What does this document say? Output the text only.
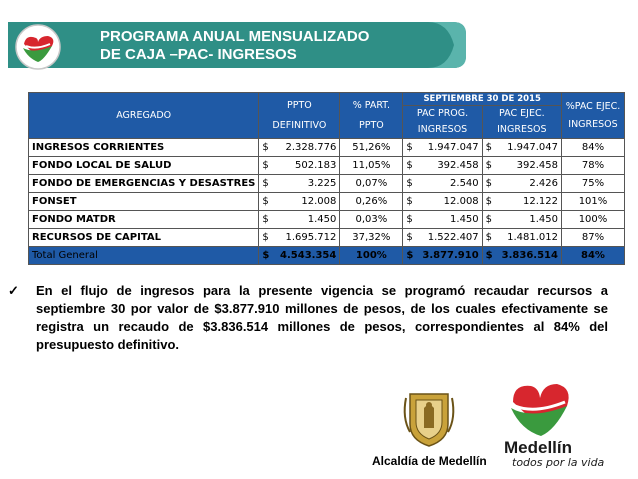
PROGRAMA ANUAL MENSUALIZADO
DE CAJA –PAC- INGRESOS
AGREGADO	PPTO DEFINITIVO		% PART. PPTO	SEPTIEMBRE 30 DE 2015				%PAC EJEC. INGRESOS
				PAC PROG. INGRESOS		PAC EJEC. INGRESOS		
INGRESOS CORRIENTES	$	2.328.776	51,26%	$	1.947.047	$	1.947.047	84%
FONDO LOCAL DE SALUD	$	502.183	11,05%	$	392.458	$	392.458	78%
FONDO DE EMERGENCIAS Y DESASTRES	$	3.225	0,07%	$	2.540	$	2.426	75%
FONSET	$	12.008	0,26%	$	12.008	$	12.122	101%
FONDO MATDR	$	1.450	0,03%	$	1.450	$	1.450	100%
RECURSOS DE CAPITAL	$	1.695.712	37,32%	$	1.522.407	$	1.481.012	87%
Total General	$	4.543.354	100%	$	3.877.910	$	3.836.514	84%
✓ En el flujo de ingresos para la presente vigencia se programó recaudar recursos a septiembre 30 por valor de $3.877.910 millones de pesos, de los cuales efectivamente se registra un recaudo de $3.836.514 millones de pesos, correspondientes al 84% del presupuesto definitivo.
Alcaldía de Medellín
Medellín
todos por la vida
